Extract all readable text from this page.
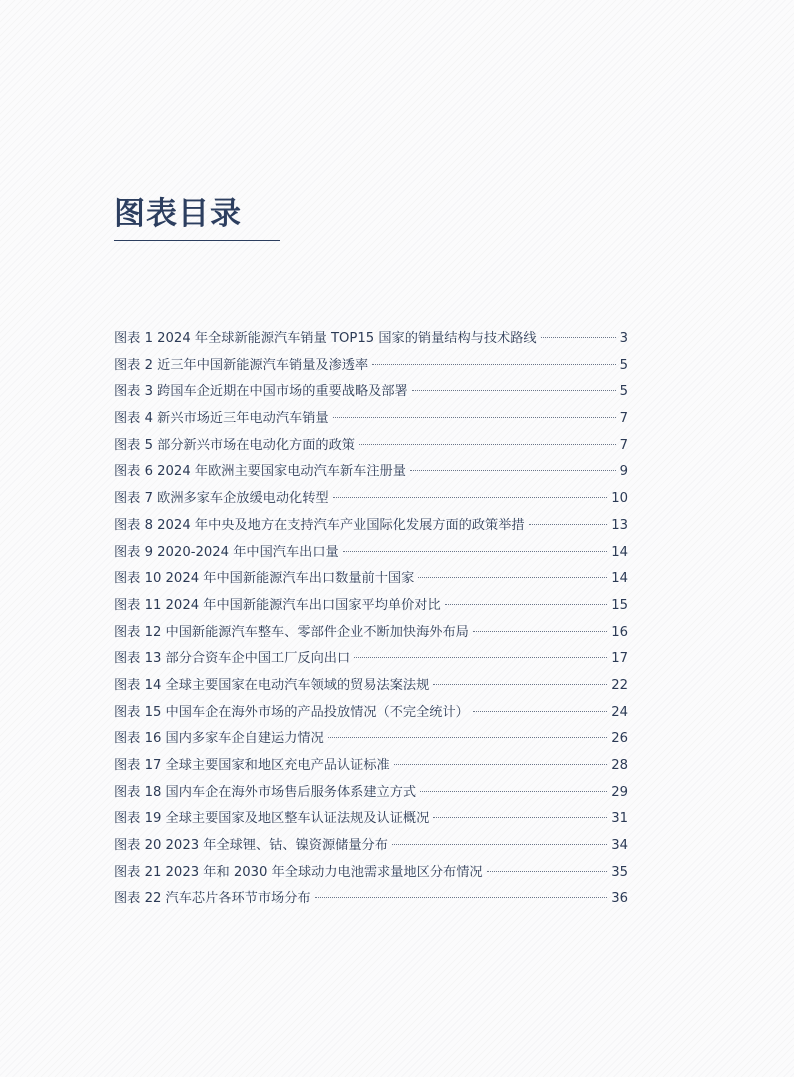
图表目录
图表 1 2024 年全球新能源汽车销量 TOP15 国家的销量结构与技术路线	3
图表 2 近三年中国新能源汽车销量及渗透率	5
图表 3 跨国车企近期在中国市场的重要战略及部署	5
图表 4 新兴市场近三年电动汽车销量	7
图表 5 部分新兴市场在电动化方面的政策	7
图表 6 2024 年欧洲主要国家电动汽车新车注册量	9
图表 7 欧洲多家车企放缓电动化转型	10
图表 8 2024 年中央及地方在支持汽车产业国际化发展方面的政策举措	13
图表 9 2020-2024 年中国汽车出口量	14
图表 10 2024 年中国新能源汽车出口数量前十国家	14
图表 11 2024 年中国新能源汽车出口国家平均单价对比	15
图表 12 中国新能源汽车整车、零部件企业不断加快海外布局	16
图表 13 部分合资车企中国工厂反向出口	17
图表 14 全球主要国家在电动汽车领域的贸易法案法规	22
图表 15 中国车企在海外市场的产品投放情况（不完全统计）	24
图表 16 国内多家车企自建运力情况	26
图表 17 全球主要国家和地区充电产品认证标准	28
图表 18 国内车企在海外市场售后服务体系建立方式	29
图表 19 全球主要国家及地区整车认证法规及认证概况	31
图表 20 2023 年全球锂、钴、镍资源储量分布	34
图表 21 2023 年和 2030 年全球动力电池需求量地区分布情况	35
图表 22 汽车芯片各环节市场分布	36
